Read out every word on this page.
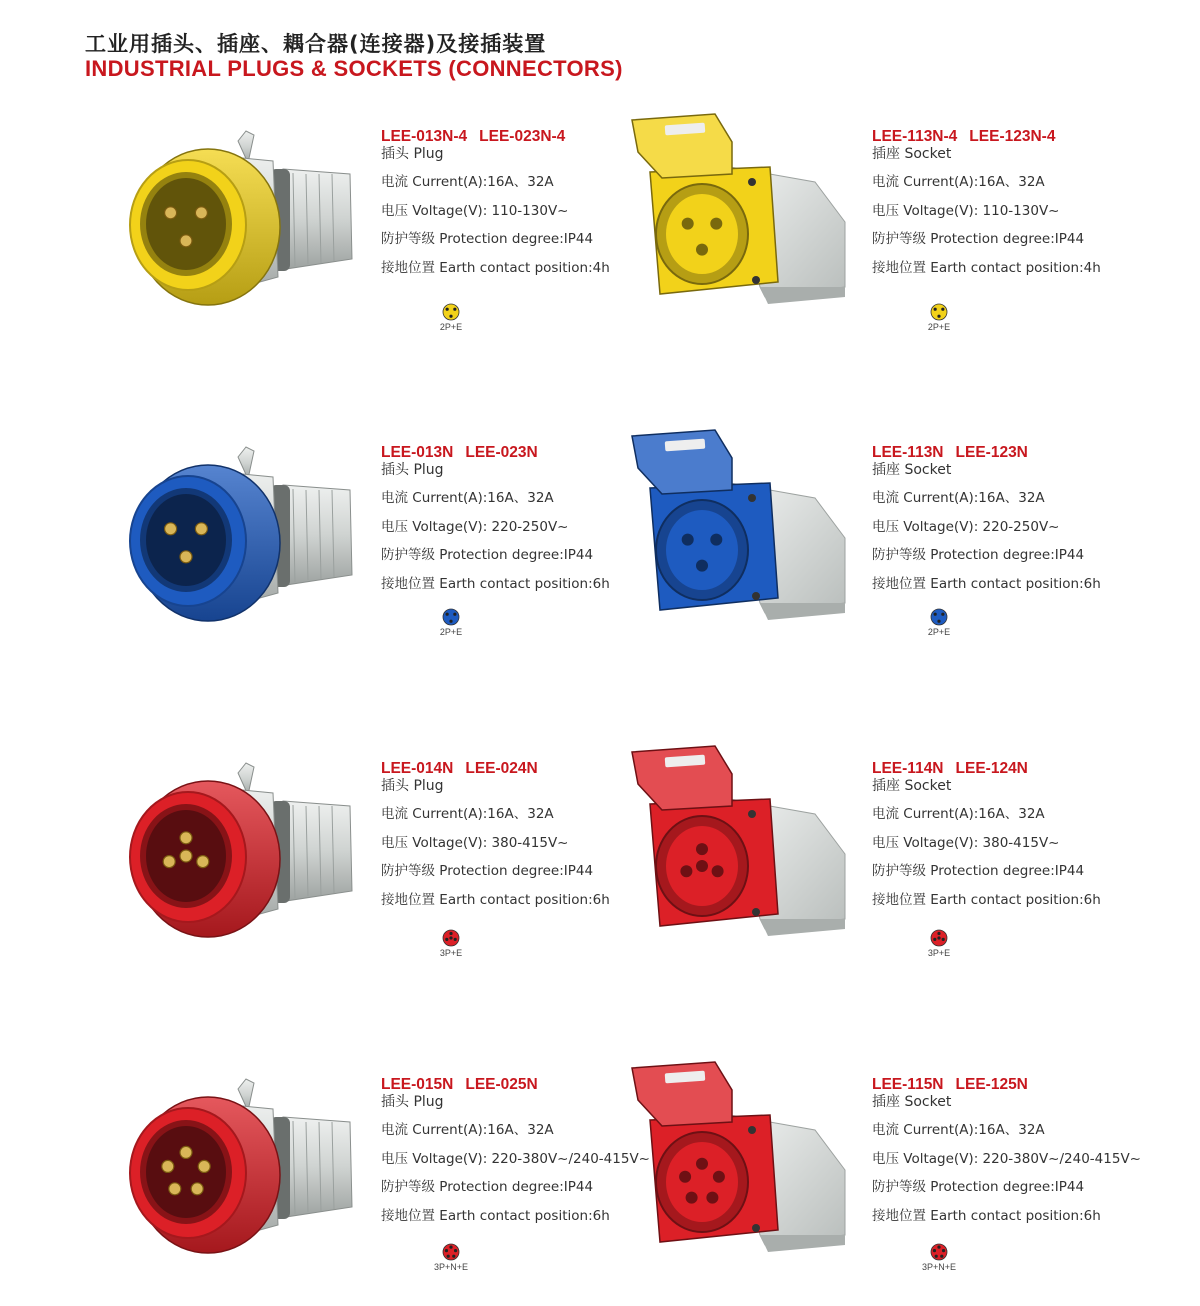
工业用插头、插座、耦合器(连接器)及接插装置
INDUSTRIAL PLUGS & SOCKETS (CONNECTORS)
LEE-013N-4 LEE-023N-4
插头 Plug
电流 Current(A):16A、32A
电压 Voltage(V): 110-130V~
防护等级 Protection degree:IP44
接地位置 Earth contact position:4h
2P+E
LEE-113N-4 LEE-123N-4
插座 Socket
电流 Current(A):16A、32A
电压 Voltage(V): 110-130V~
防护等级 Protection degree:IP44
接地位置 Earth contact position:4h
2P+E
LEE-013N LEE-023N
插头 Plug
电流 Current(A):16A、32A
电压 Voltage(V): 220-250V~
防护等级 Protection degree:IP44
接地位置 Earth contact position:6h
2P+E
LEE-113N LEE-123N
插座 Socket
电流 Current(A):16A、32A
电压 Voltage(V): 220-250V~
防护等级 Protection degree:IP44
接地位置 Earth contact position:6h
2P+E
LEE-014N LEE-024N
插头 Plug
电流 Current(A):16A、32A
电压 Voltage(V): 380-415V~
防护等级 Protection degree:IP44
接地位置 Earth contact position:6h
3P+E
LEE-114N LEE-124N
插座 Socket
电流 Current(A):16A、32A
电压 Voltage(V): 380-415V~
防护等级 Protection degree:IP44
接地位置 Earth contact position:6h
3P+E
LEE-015N LEE-025N
插头 Plug
电流 Current(A):16A、32A
电压 Voltage(V): 220-380V~/240-415V~
防护等级 Protection degree:IP44
接地位置 Earth contact position:6h
3P+N+E
LEE-115N LEE-125N
插座 Socket
电流 Current(A):16A、32A
电压 Voltage(V): 220-380V~/240-415V~
防护等级 Protection degree:IP44
接地位置 Earth contact position:6h
3P+N+E
